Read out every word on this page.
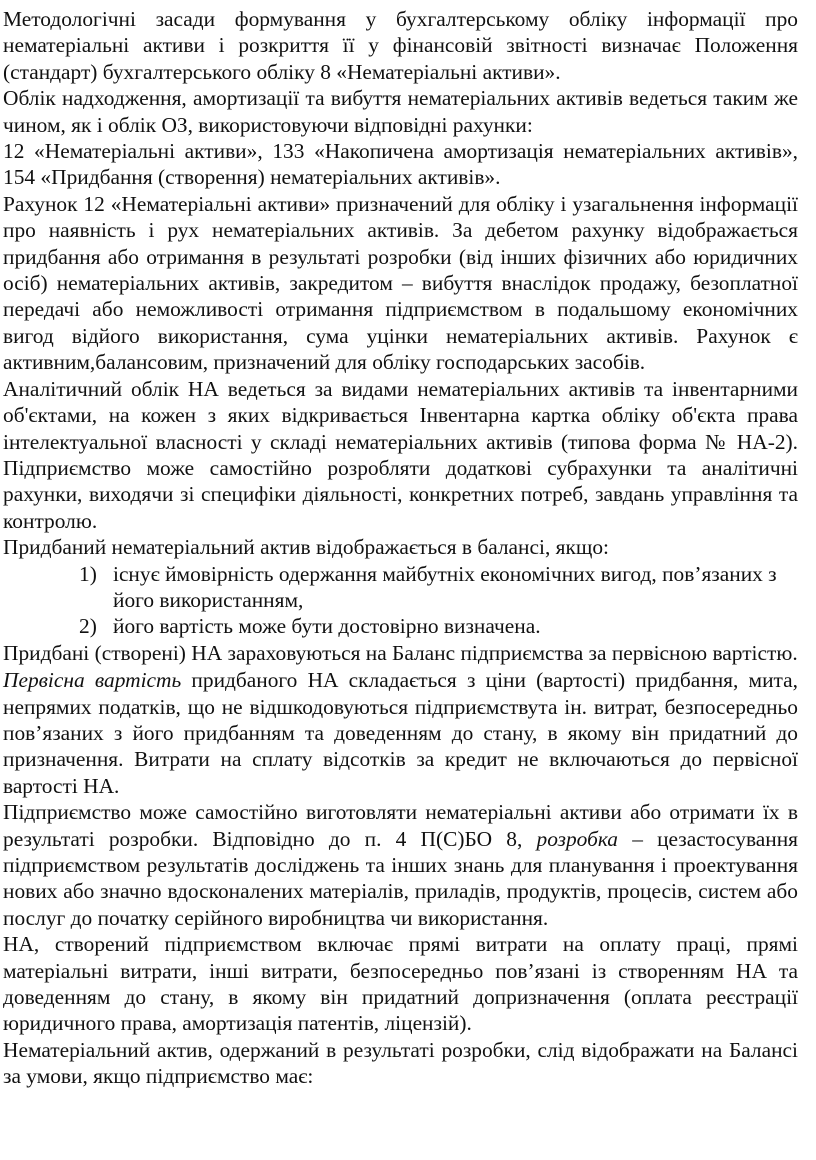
Методологічні засади формування у бухгалтерському обліку інформації про нематеріальні активи і розкриття її у фінансовій звітності визначає Положення (стандарт) бухгалтерського обліку 8 «Нематеріальні активи».

Облік надходження, амортизації та вибуття нематеріальних активів ведеться таким же чином, як і облік ОЗ, використовуючи відповідні рахунки:

12 «Нематеріальні активи», 133 «Накопичена амортизація нематеріальних активів», 154 «Придбання (створення) нематеріальних активів».

Рахунок 12 «Нематеріальні активи» призначений для обліку і узагальнення інформації про наявність і рух нематеріальних активів. За дебетом рахунку відображається придбання або отримання в результаті розробки (від інших фізичних або юридичних осіб) нематеріальних активів, закредитом – вибуття внаслідок продажу, безоплатної передачі або неможливості отримання підприємством в подальшому економічних вигод відйого використання, сума уцінки нематеріальних активів. Рахунок є активним,балансовим, призначений для обліку господарських засобів.

Аналітичний облік НА ведеться за видами нематеріальних активів та інвентарними об'єктами, на кожен з яких відкривається Інвентарна картка обліку об'єкта права інтелектуальної власності у складі нематеріальних активів (типова форма № НА-2). Підприємство може самостійно розробляти додаткові субрахунки та аналітичні рахунки, виходячи зі специфіки діяльності, конкретних потреб, завдань управління та контролю.

Придбаний нематеріальний актив відображається в балансі, якщо:

1) існує ймовірність одержання майбутніх економічних вигод, пов’язаних з його використанням,
2) його вартість може бути достовірно визначена.

Придбані (створені) НА зараховуються на Баланс підприємства за первісною вартістю.

Первісна вартість придбаного НА складається з ціни (вартості) придбання, мита, непрямих податків, що не відшкодовуються підприємствута ін. витрат, безпосередньо пов’язаних з його придбанням та доведенням до стану, в якому він придатний до призначення. Витрати на сплату відсотків за кредит не включаються до первісної вартості НА.

Підприємство може самостійно виготовляти нематеріальні активи або отримати їх в результаті розробки. Відповідно до п. 4 П(С)БО 8, розробка – цезастосування підприємством результатів досліджень та інших знань для планування і проектування нових або значно вдосконалених матеріалів, приладів, продуктів, процесів, систем або послуг до початку серійного виробництва чи використання.

НА, створений підприємством включає прямі витрати на оплату праці, прямі матеріальні витрати, інші витрати, безпосередньо пов’язані із створенням НА та доведенням до стану, в якому він придатний допризначення (оплата реєстрації юридичного права, амортизація патентів, ліцензій).

Нематеріальний актив, одержаний в результаті розробки, слід відображати на Балансі за умови, якщо підприємство має:
